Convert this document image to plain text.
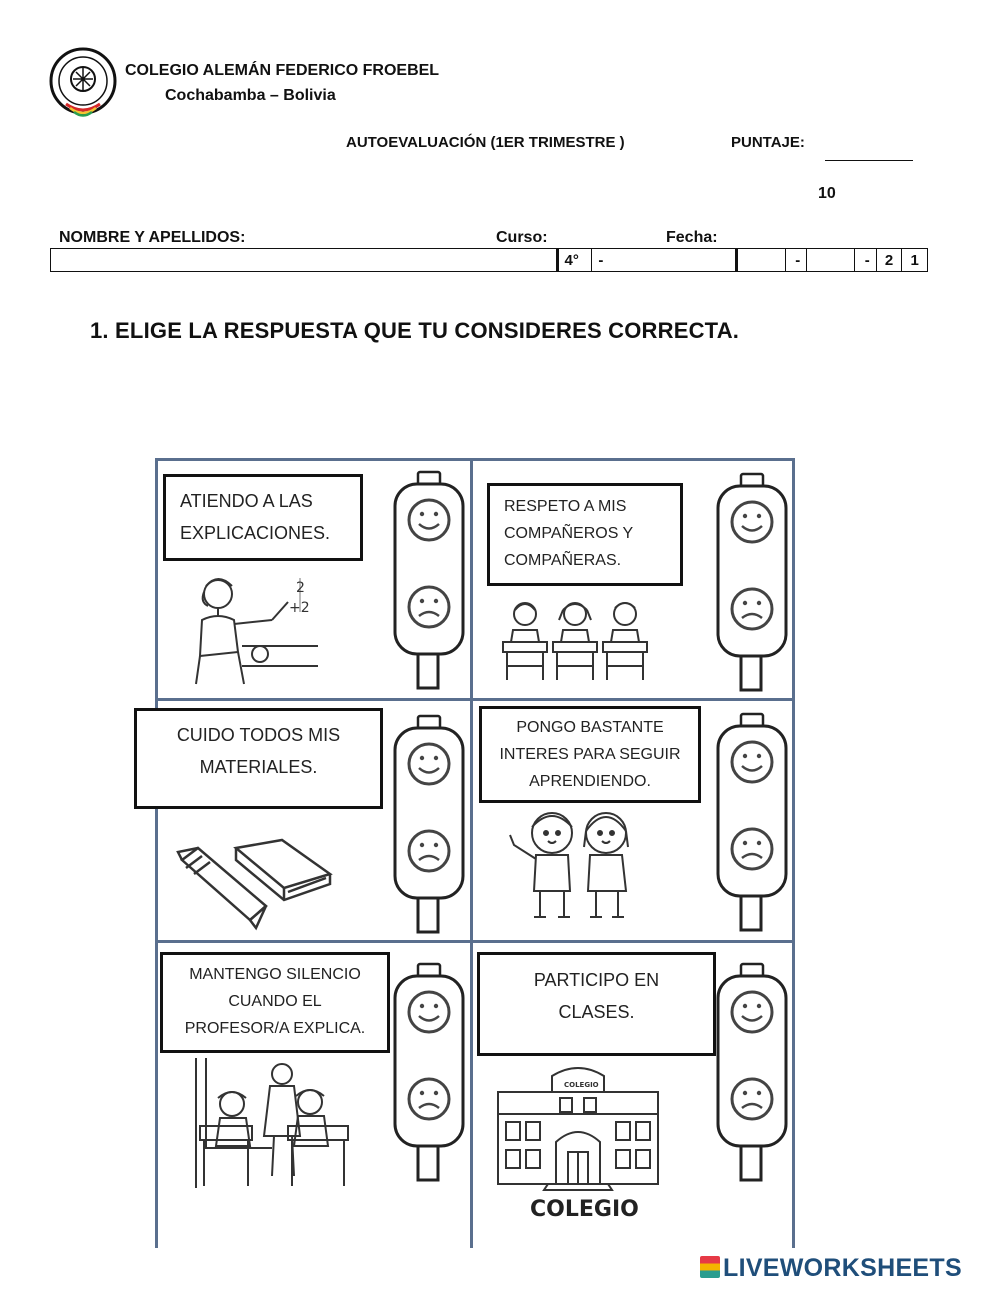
COLEGIO ALEMÁN FEDERICO FROEBEL
Cochabamba – Bolivia
AUTOEVALUACIÓN (1ER TRIMESTRE )	PUNTAJE:
10
NOMBRE Y APELLIDOS:	Curso:	Fecha:
	4°	-		-		-	2	1
1. ELIGE LA RESPUESTA QUE TU CONSIDERES CORRECTA.
ATIENDO A LAS
EXPLICACIONES.
RESPETO A MIS
COMPAÑEROS Y
COMPAÑERAS.
CUIDO TODOS MIS
MATERIALES.
PONGO BASTANTE
INTERES PARA SEGUIR
APRENDIENDO.
MANTENGO SILENCIO
CUANDO EL
PROFESOR/A EXPLICA.
PARTICIPO EN
CLASES.
2
+2
COLEGIO
COLEGIO
LIVEWORKSHEETS
